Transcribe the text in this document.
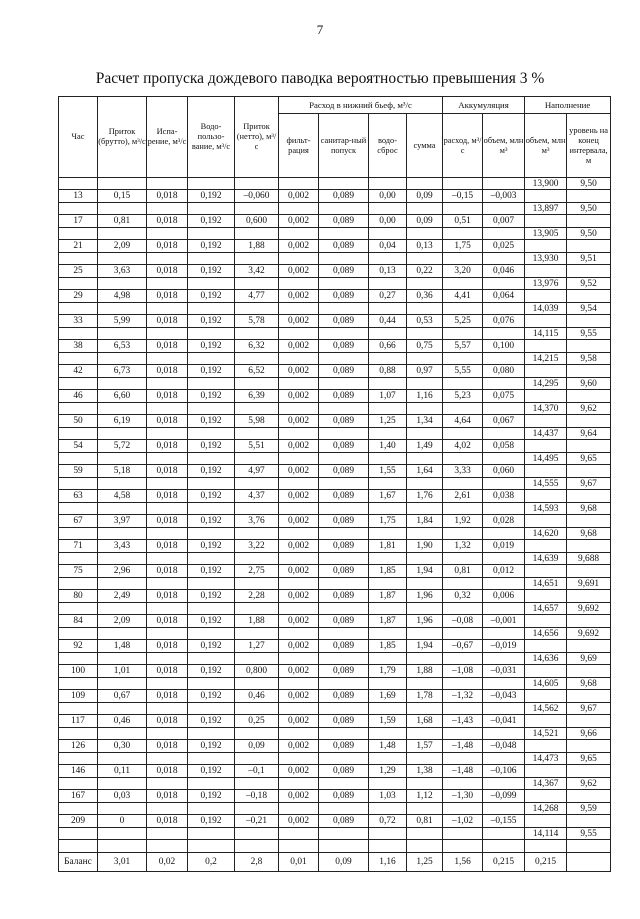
7
Расчет пропуска дождевого паводка вероятностью превышения 3 %
Час	Приток (брутто), м³/с	Испа-рение, м³/с	Водо-пользо-вание, м³/с	Приток (нетто), м³/с	Расход в нижний бьеф, м³/с				Аккумуляция		Наполнение	
					фильт-рация	санитар-ный попуск	водо-сброс	сумма	расход, м³/с	объем, млн м³	объем, млн м³	уровень на конец интервала, м
											13,900	9,50
13	0,15	0,018	0,192	–0,060	0,002	0,089	0,00	0,09	–0,15	–0,003		
											13,897	9,50
17	0,81	0,018	0,192	0,600	0,002	0,089	0,00	0,09	0,51	0,007		
											13,905	9,50
21	2,09	0,018	0,192	1,88	0,002	0,089	0,04	0,13	1,75	0,025		
											13,930	9,51
25	3,63	0,018	0,192	3,42	0,002	0,089	0,13	0,22	3,20	0,046		
											13,976	9,52
29	4,98	0,018	0,192	4,77	0,002	0,089	0,27	0,36	4,41	0,064		
											14,039	9,54
33	5,99	0,018	0,192	5,78	0,002	0,089	0,44	0,53	5,25	0,076		
											14,115	9,55
38	6,53	0,018	0,192	6,32	0,002	0,089	0,66	0,75	5,57	0,100		
											14,215	9,58
42	6,73	0,018	0,192	6,52	0,002	0,089	0,88	0,97	5,55	0,080		
											14,295	9,60
46	6,60	0,018	0,192	6,39	0,002	0,089	1,07	1,16	5,23	0,075		
											14,370	9,62
50	6,19	0,018	0,192	5,98	0,002	0,089	1,25	1,34	4,64	0,067		
											14,437	9,64
54	5,72	0,018	0,192	5,51	0,002	0,089	1,40	1,49	4,02	0,058		
											14,495	9,65
59	5,18	0,018	0,192	4,97	0,002	0,089	1,55	1,64	3,33	0,060		
											14,555	9,67
63	4,58	0,018	0,192	4,37	0,002	0,089	1,67	1,76	2,61	0,038		
											14,593	9,68
67	3,97	0,018	0,192	3,76	0,002	0,089	1,75	1,84	1,92	0,028		
											14,620	9,68
71	3,43	0,018	0,192	3,22	0,002	0,089	1,81	1,90	1,32	0,019		
											14,639	9,688
75	2,96	0,018	0,192	2,75	0,002	0,089	1,85	1,94	0,81	0,012		
											14,651	9,691
80	2,49	0,018	0,192	2,28	0,002	0,089	1,87	1,96	0,32	0,006		
											14,657	9,692
84	2,09	0,018	0,192	1,88	0,002	0,089	1,87	1,96	–0,08	–0,001		
											14,656	9,692
92	1,48	0,018	0,192	1,27	0,002	0,089	1,85	1,94	–0,67	–0,019		
											14,636	9,69
100	1,01	0,018	0,192	0,800	0,002	0,089	1,79	1,88	–1,08	–0,031		
											14,605	9,68
109	0,67	0,018	0,192	0,46	0,002	0,089	1,69	1,78	–1,32	–0,043		
											14,562	9,67
117	0,46	0,018	0,192	0,25	0,002	0,089	1,59	1,68	–1,43	–0,041		
											14,521	9,66
126	0,30	0,018	0,192	0,09	0,002	0,089	1,48	1,57	–1,48	–0,048		
											14,473	9,65
146	0,11	0,018	0,192	–0,1	0,002	0,089	1,29	1,38	–1,48	–0,106		
											14,367	9,62
167	0,03	0,018	0,192	–0,18	0,002	0,089	1,03	1,12	–1,30	–0,099		
											14,268	9,59
209	0	0,018	0,192	–0,21	0,002	0,089	0,72	0,81	–1,02	–0,155		
											14,114	9,55

Баланс	3,01	0,02	0,2	2,8	0,01	0,09	1,16	1,25	1,56	0,215	0,215	
